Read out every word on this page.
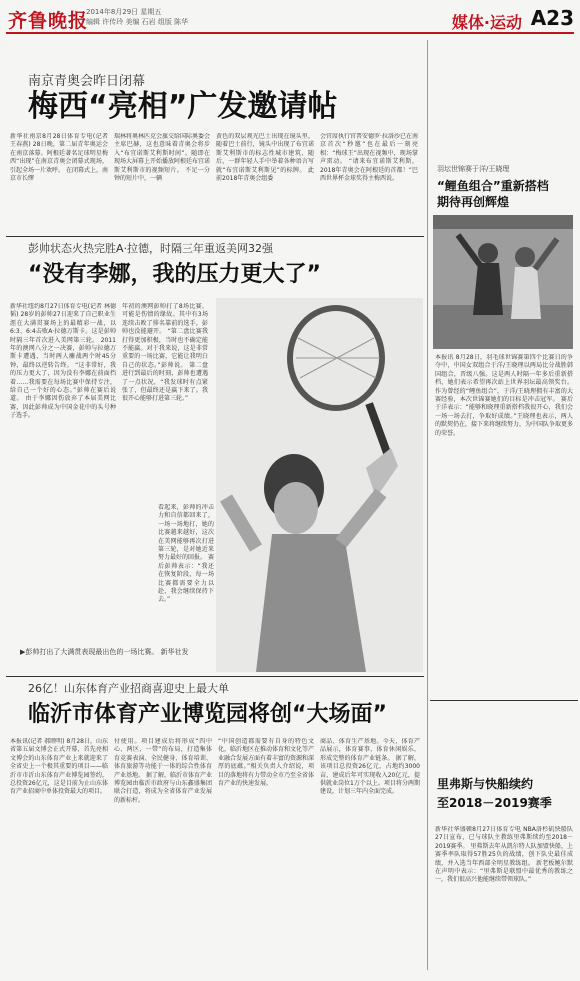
齐鲁晚报
2014年8月29日 星期五
编辑 许传玲 美编 石岩 组版 陈华	媒体·运动 A23
南京青奥会昨日闭幕
梅西“亮相”广发邀请帖
新华社南京8月28日体育专电(记者 王春燕) 28日晚，第二届青年奥运会在南京落幕。阿根廷著名足球明星梅西“出现”在南京青奥会闭幕式现场，引起全场一片欢呼。 在闭幕式上，南京市长缪
瑞林将奥林匹克会旗交给国际奥委会主席巴赫，这也意味着青奥会将步入“布宜诺斯艾利斯时间”。随即在现场大屏幕上开始播放阿根廷布宜诺斯艾利斯市的视频短片。 不足一分钟的短片中，一辆
黄色的双层观光巴士出现在镜头里，随着巴士前行，镜头中出现了布宜诺斯艾利斯市的标志性城市建筑、随后，一群年轻人手中举着各种语言写就“布宜诺斯艾利斯见”的标牌。 此前2018年青奥会组委
会官席执行官普安德罗·拉洛沙已在南京首次“秒邀”也在最后一刻亮相：“梅球王”出现在视频中，现场掌声雷动。 “请来布宜诺斯艾利斯，2018年青奥会在阿根廷的首都！”巴西世界杯金球奖得主梅西说。
羽坛世锦赛于洋/王晓理
“鲤鱼组合”重新搭档
期待再创辉煌
本报讯 8月28日，羽毛球世锦赛第四个比赛日的争夺中，中国女双组合于洋/王晓理以两局比分战胜韩国组合，晋级八强。这是两人时隔一年多后重新搭档，她们表示希望再次站上世界羽坛最高领奖台。 作为曾经的“鲤鱼组合”，于洋/王晓理拥有丰富的大赛经验，本次世锦赛她们的目标是冲击冠军。 赛后于洋表示：“能够和晓理重新搭档我很开心，我们会一场一场去打，争取好成绩。”王晓理也表示，两人的默契仍在，接下来将继续努力，为中国队争取更多的荣誉。
里弗斯与快船续约
至2018－2019赛季
新华社华盛顿8月27日体育专电 NBA洛杉矶快船队27日宣布，已与球队主教练里弗斯续约至2018－2019赛季。 里弗斯去年从凯尔特人队加盟快船，上赛季率队取得57胜25负的战绩，创下队史最佳成绩，并入选当年西部全明星教练组。 新老板鲍尔默在声明中表示：“里弗斯是联盟中最优秀的教练之一，我们很高兴他能继续带领球队。”
彭帅状态火热完胜A·拉德，时隔三年重返美网32强
“没有李娜，我的压力更大了”
新华社纽约8月27日体育专电(记者 林德韬) 28岁的彭帅27日迎来了自己职业生涯在大满贯赛场上的最精彩一战，以6:3、6:4击败A·拉德万斯卡。这是彭帅时隔三年首次进入美网第三轮。 2011年的澳网八分之一决赛，彭帅与拉德万斯卡遭遇，当时两人鏖战两个时45分钟，最终以逆转告终。 “这非常好，我的压力更大了，因为没有李娜在前面挡着……我需要在每场比赛中保持专注，给自己一个好的心态。”彭帅在赛后说道。 由于李娜因伤放弃了本届美网比赛，因此彭帅成为中国金花中的头号种子选手。
年初的澳网彭帅打了8场比赛，可能是伤情的缘故。其中有3场连续击败了排名靠前的选手，彭帅也没能避开。 “第二盘比赛我打得更加积极，当时也不确定能不能赢。对于我来说，这是非常重要的一场比赛，它能让我明白自己的状态。”彭帅说。 第二盘进行到最后的时刻，彭帅也遭遇了一点状况，“我发球时有点紧张了，但最终还是赢下来了。我很开心能够打进第三轮。”
看起来，彭帅的冲击力和自信都回来了，一场一场地打，她的比赛越来越好，这次在美网能够再次打进第三轮，是对她近来努力最好的回报。 赛后彭帅表示：“我还在恢复阶段，每一场比赛都需要全力以赴，我会继续保持下去。”
▶彭帅打出了大满贯表现最出色的一场比赛。 新华社发
26亿！山东体育产业招商喜迎史上最大单
临沂市体育产业博览园将创“大场面”
本报讯(记者 郝睦明) 8月28日，山东省第五届文博会正式开幕，首先亮相文博会的山东体育产业上来就迎来了全省史上一个极其重要的项目——临沂市市沂山东体育产业博览园签约，总投资26亿元，这是目前为止山东体育产业招商中单体投资最大的项目。
付使用。项目建成后将形成“四中心、两区、一带”的布局，打造集体育竞赛表演、全民健身、体育培训、体育旅游等功能于一体的综合性体育产业基地。 据了解，临沂市体育产业博览园由临沂市政府与山东鑫盛集团联合打造，将成为全省体育产业发展的新标杆。
“中国创造都需要有自身的特色文化，临沂地区在推动体育和文化等产业融合发展方面有着丰富的资源和深厚的底蕴。”相关负责人介绍说，项目的落地将有力带动全市乃至全省体育产业的快速发展。
商品、体育生产基地。今天，体育产品展示，体育赛事，体育休闲娱乐，形成完整的体育产业链条。 据了解，该项目总投资26亿元，占地约3000亩，建成后年可实现收入20亿元，提供就业岗位1万个以上。项目将分两期建设，计划三年内全面完成。
